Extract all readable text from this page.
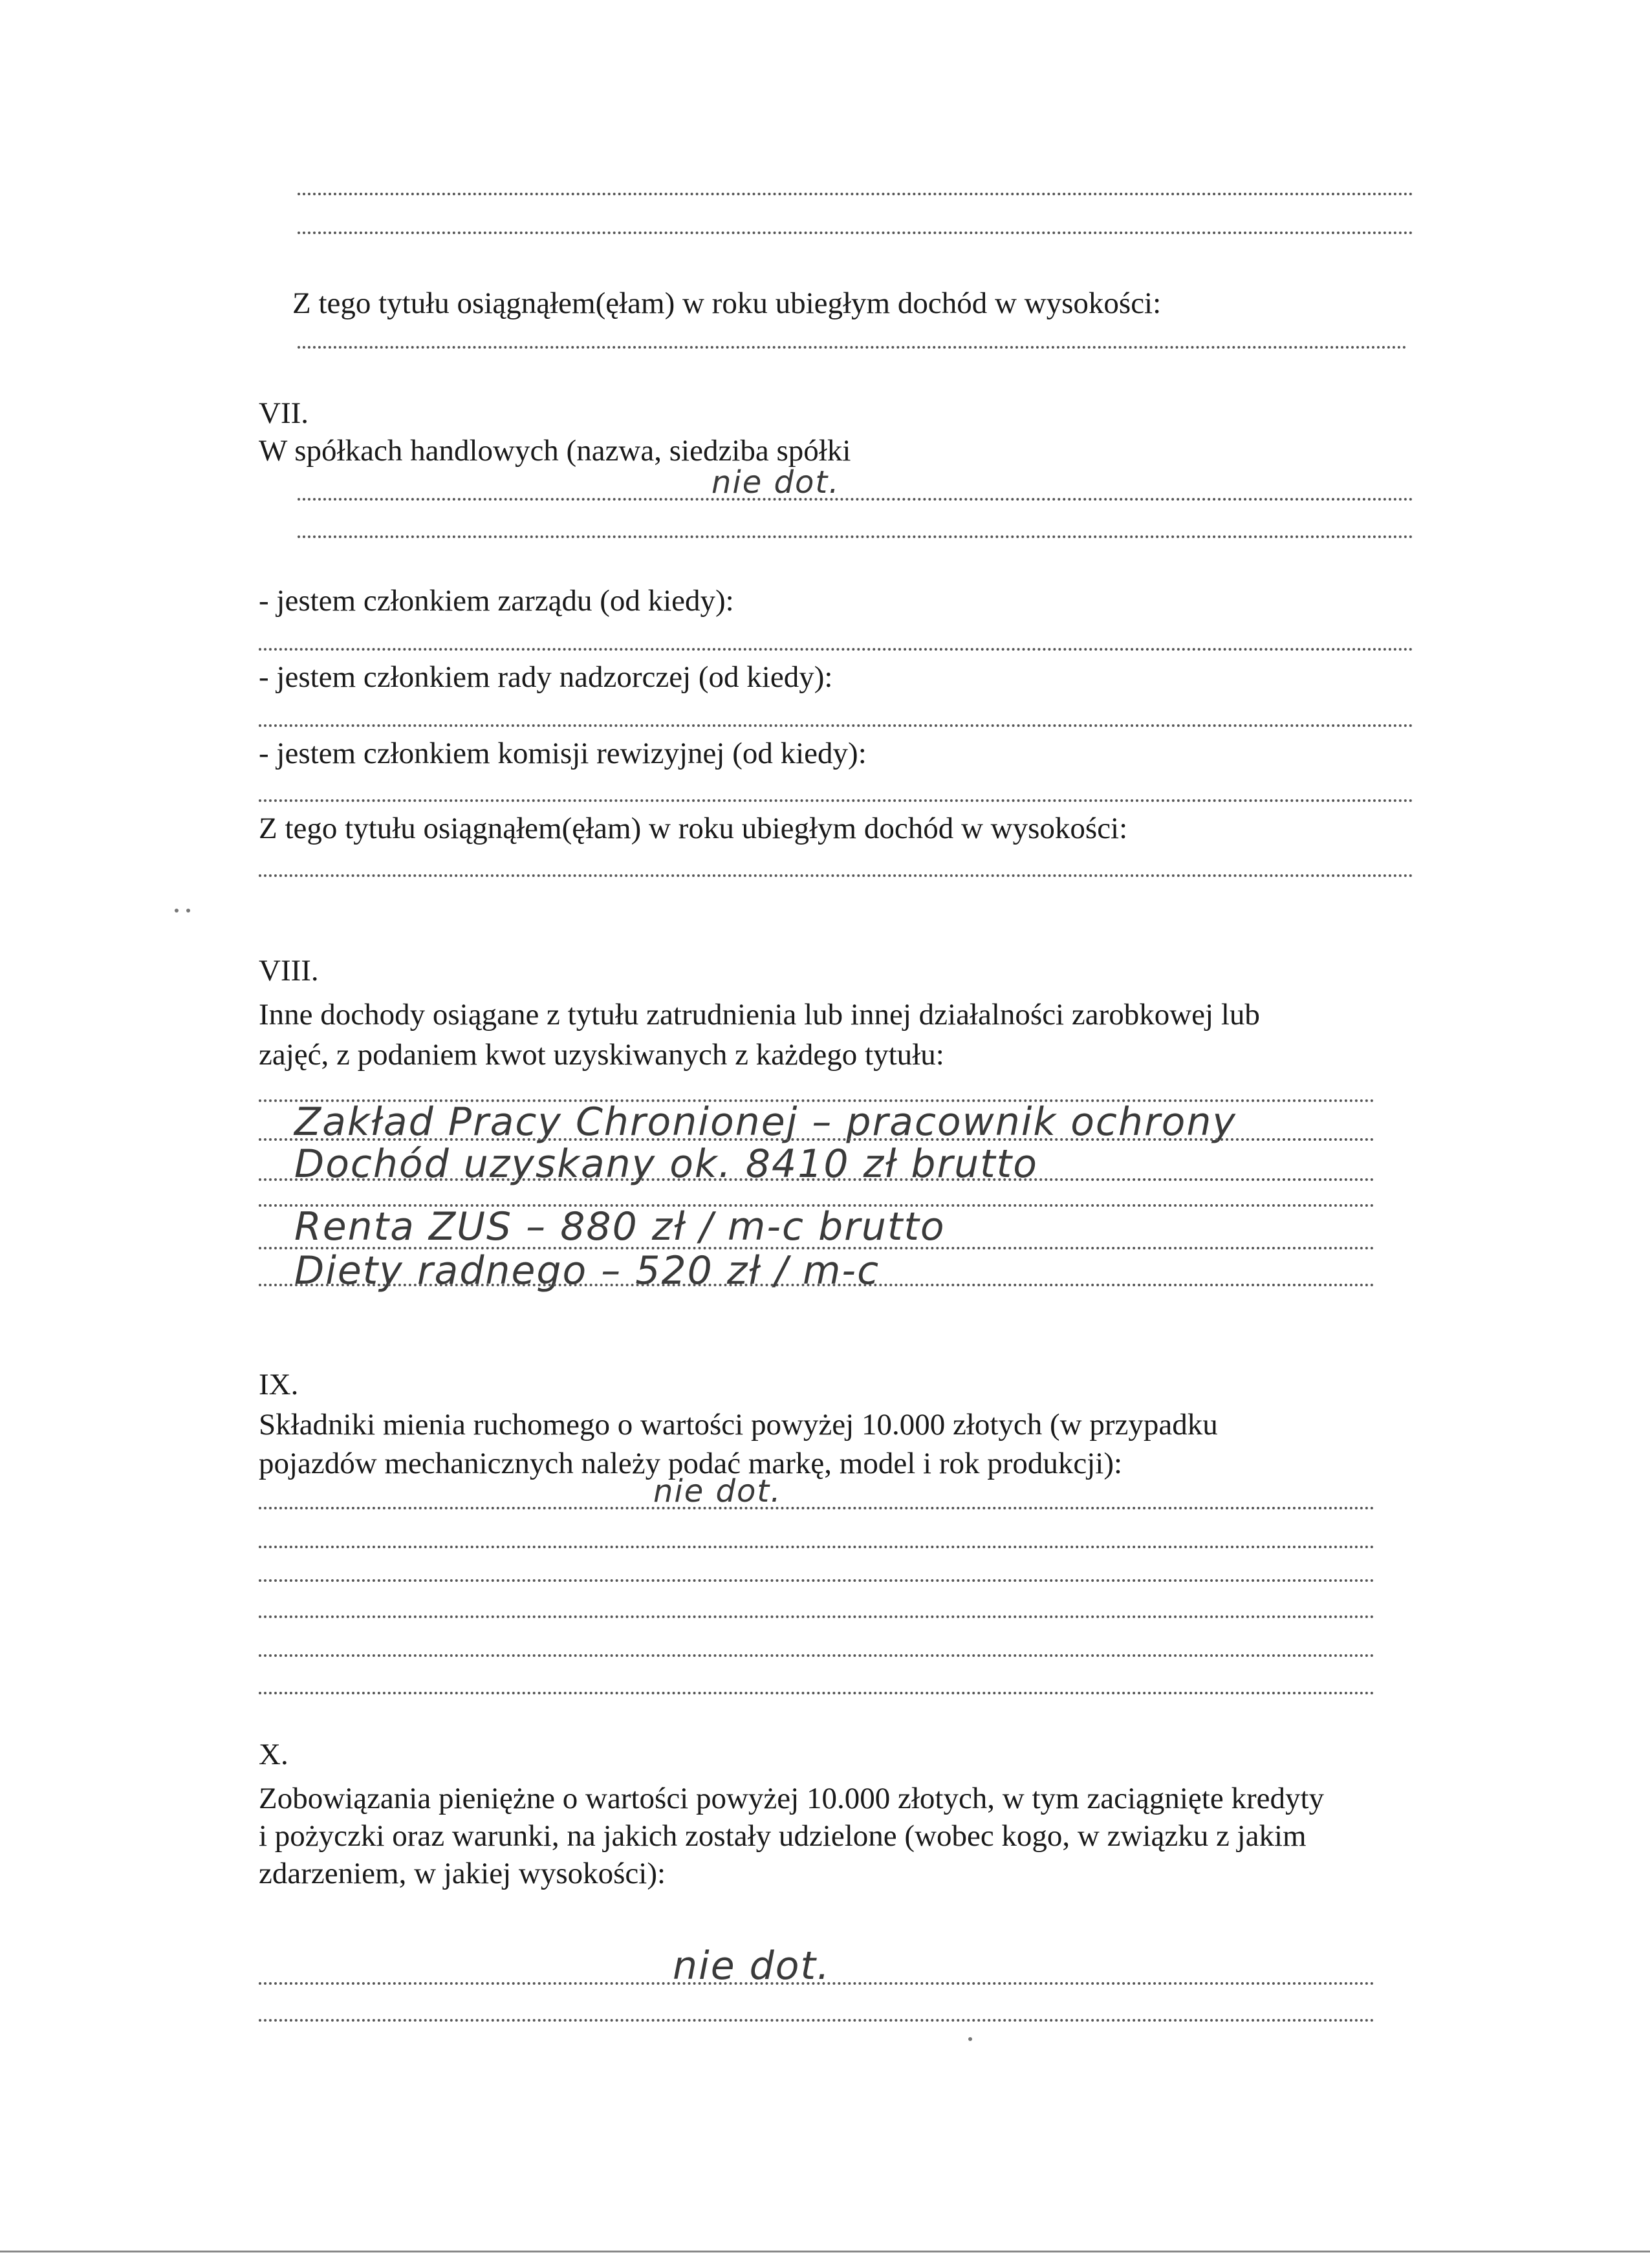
Z tego tytułu osiągnąłem(ęłam) w roku ubiegłym dochód w wysokości:
VII.
W spółkach handlowych (nazwa, siedziba spółki
nie dot.
- jestem członkiem zarządu (od kiedy):
- jestem członkiem rady nadzorczej (od kiedy):
- jestem członkiem komisji rewizyjnej (od kiedy):
Z tego tytułu osiągnąłem(ęłam) w roku ubiegłym dochód w wysokości:
VIII.
Inne dochody osiągane z tytułu zatrudnienia lub innej działalności zarobkowej lub
zajęć, z podaniem kwot uzyskiwanych z każdego tytułu:
Zakład Pracy Chronionej – pracownik ochrony
Dochód uzyskany ok. 8410 zł brutto
Renta ZUS – 880 zł / m-c brutto
Diety radnego – 520 zł / m-c
IX.
Składniki mienia ruchomego o wartości powyżej 10.000 złotych (w przypadku
pojazdów mechanicznych należy podać markę, model i rok produkcji):
nie dot.
X.
Zobowiązania pieniężne o wartości powyżej 10.000 złotych, w tym zaciągnięte kredyty
i pożyczki oraz warunki, na jakich zostały udzielone (wobec kogo, w związku z jakim
zdarzeniem, w jakiej wysokości):
nie dot.
